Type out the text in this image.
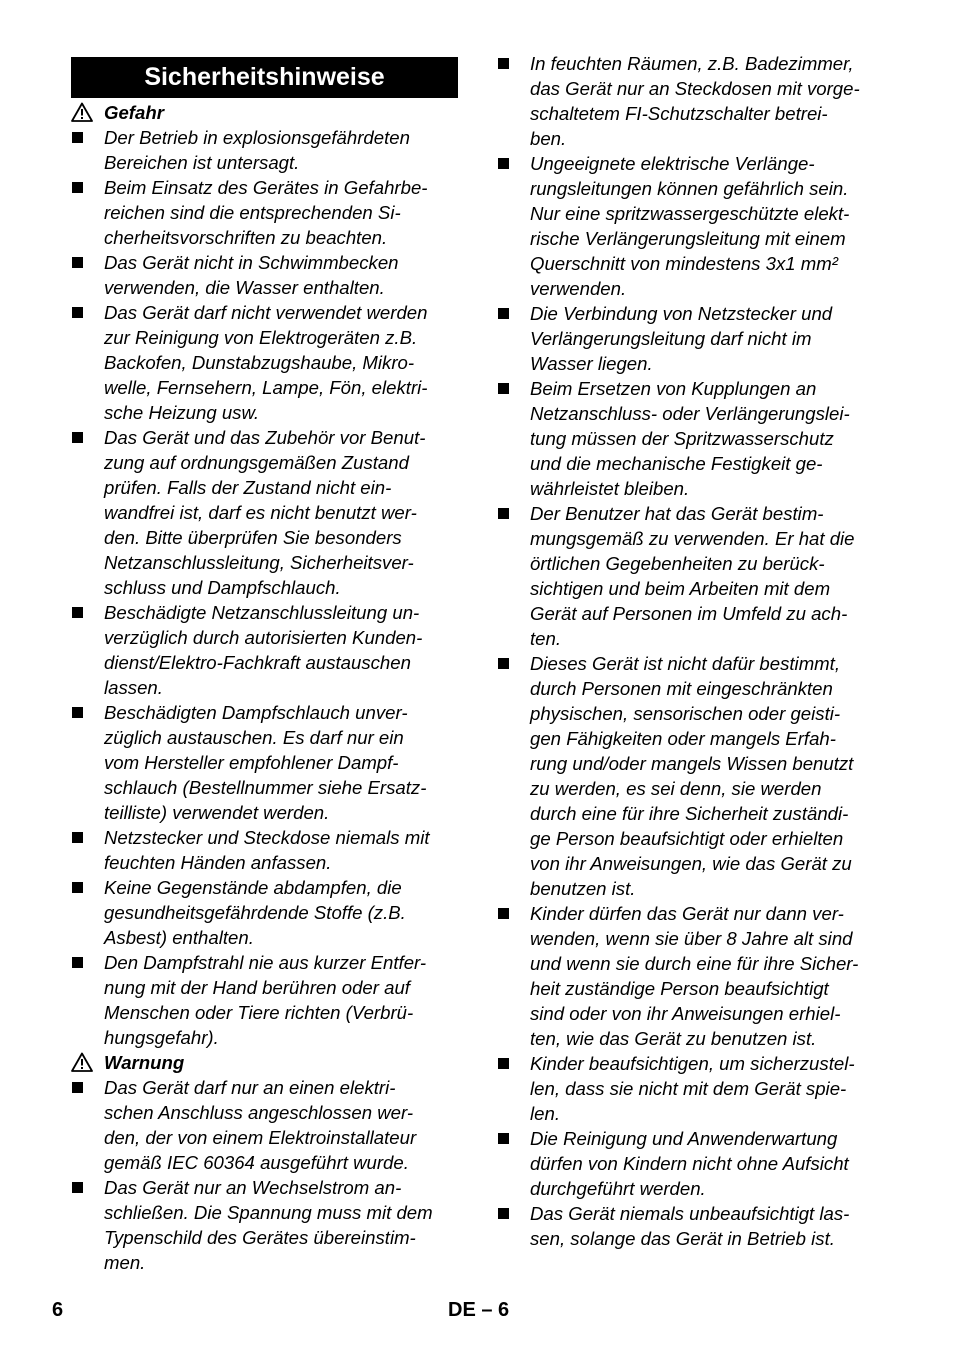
Sicherheitshinweise
Gefahr
Der Betrieb in explosionsgefährdeten
Bereichen ist untersagt.
Beim Einsatz des Gerätes in Gefahrbe-
reichen sind die entsprechenden Si-
cherheitsvorschriften zu beachten.
Das Gerät nicht in Schwimmbecken
verwenden, die Wasser enthalten.
Das Gerät darf nicht verwendet werden
zur Reinigung von Elektrogeräten z.B.
Backofen, Dunstabzugshaube, Mikro-
welle, Fernsehern, Lampe, Fön, elektri-
sche Heizung usw.
Das Gerät und das Zubehör vor Benut-
zung auf ordnungsgemäßen Zustand
prüfen. Falls der Zustand nicht ein-
wandfrei ist, darf es nicht benutzt wer-
den. Bitte überprüfen Sie besonders
Netzanschlussleitung, Sicherheitsver-
schluss und Dampfschlauch.
Beschädigte Netzanschlussleitung un-
verzüglich durch autorisierten Kunden-
dienst/Elektro-Fachkraft austauschen
lassen.
Beschädigten Dampfschlauch unver-
züglich austauschen. Es darf nur ein
vom Hersteller empfohlener Dampf-
schlauch (Bestellnummer siehe Ersatz-
teilliste) verwendet werden.
Netzstecker und Steckdose niemals mit
feuchten Händen anfassen.
Keine Gegenstände abdampfen, die
gesundheitsgefährdende Stoffe (z.B.
Asbest) enthalten.
Den Dampfstrahl nie aus kurzer Entfer-
nung mit der Hand berühren oder auf
Menschen oder Tiere richten (Verbrü-
hungsgefahr).
Warnung
Das Gerät darf nur an einen elektri-
schen Anschluss angeschlossen wer-
den, der von einem Elektroinstallateur
gemäß IEC 60364 ausgeführt wurde.
Das Gerät nur an Wechselstrom an-
schließen. Die Spannung muss mit dem
Typenschild des Gerätes übereinstim-
men.
In feuchten Räumen, z.B. Badezimmer,
das Gerät nur an Steckdosen mit vorge-
schaltetem FI-Schutzschalter betrei-
ben.
Ungeeignete elektrische Verlänge-
rungsleitungen können gefährlich sein.
Nur eine spritzwassergeschützte elekt-
rische Verlängerungsleitung mit einem
Querschnitt von mindestens 3x1 mm²
verwenden.
Die Verbindung von Netzstecker und
Verlängerungsleitung darf nicht im
Wasser liegen.
Beim Ersetzen von Kupplungen an
Netzanschluss- oder Verlängerungslei-
tung müssen der Spritzwasserschutz
und die mechanische Festigkeit ge-
währleistet bleiben.
Der Benutzer hat das Gerät bestim-
mungsgemäß zu verwenden. Er hat die
örtlichen Gegebenheiten zu berück-
sichtigen und beim Arbeiten mit dem
Gerät auf Personen im Umfeld zu ach-
ten.
Dieses Gerät ist nicht dafür bestimmt,
durch Personen mit eingeschränkten
physischen, sensorischen oder geisti-
gen Fähigkeiten oder mangels Erfah-
rung und/oder mangels Wissen benutzt
zu werden, es sei denn, sie werden
durch eine für ihre Sicherheit zuständi-
ge Person beaufsichtigt oder erhielten
von ihr Anweisungen, wie das Gerät zu
benutzen ist.
Kinder dürfen das Gerät nur dann ver-
wenden, wenn sie über 8 Jahre alt sind
und wenn sie durch eine für ihre Sicher-
heit zuständige Person beaufsichtigt
sind oder von ihr Anweisungen erhiel-
ten, wie das Gerät zu benutzen ist.
Kinder beaufsichtigen, um sicherzustel-
len, dass sie nicht mit dem Gerät spie-
len.
Die Reinigung und Anwenderwartung
dürfen von Kindern nicht ohne Aufsicht
durchgeführt werden.
Das Gerät niemals unbeaufsichtigt las-
sen, solange das Gerät in Betrieb ist.
6	DE – 6
